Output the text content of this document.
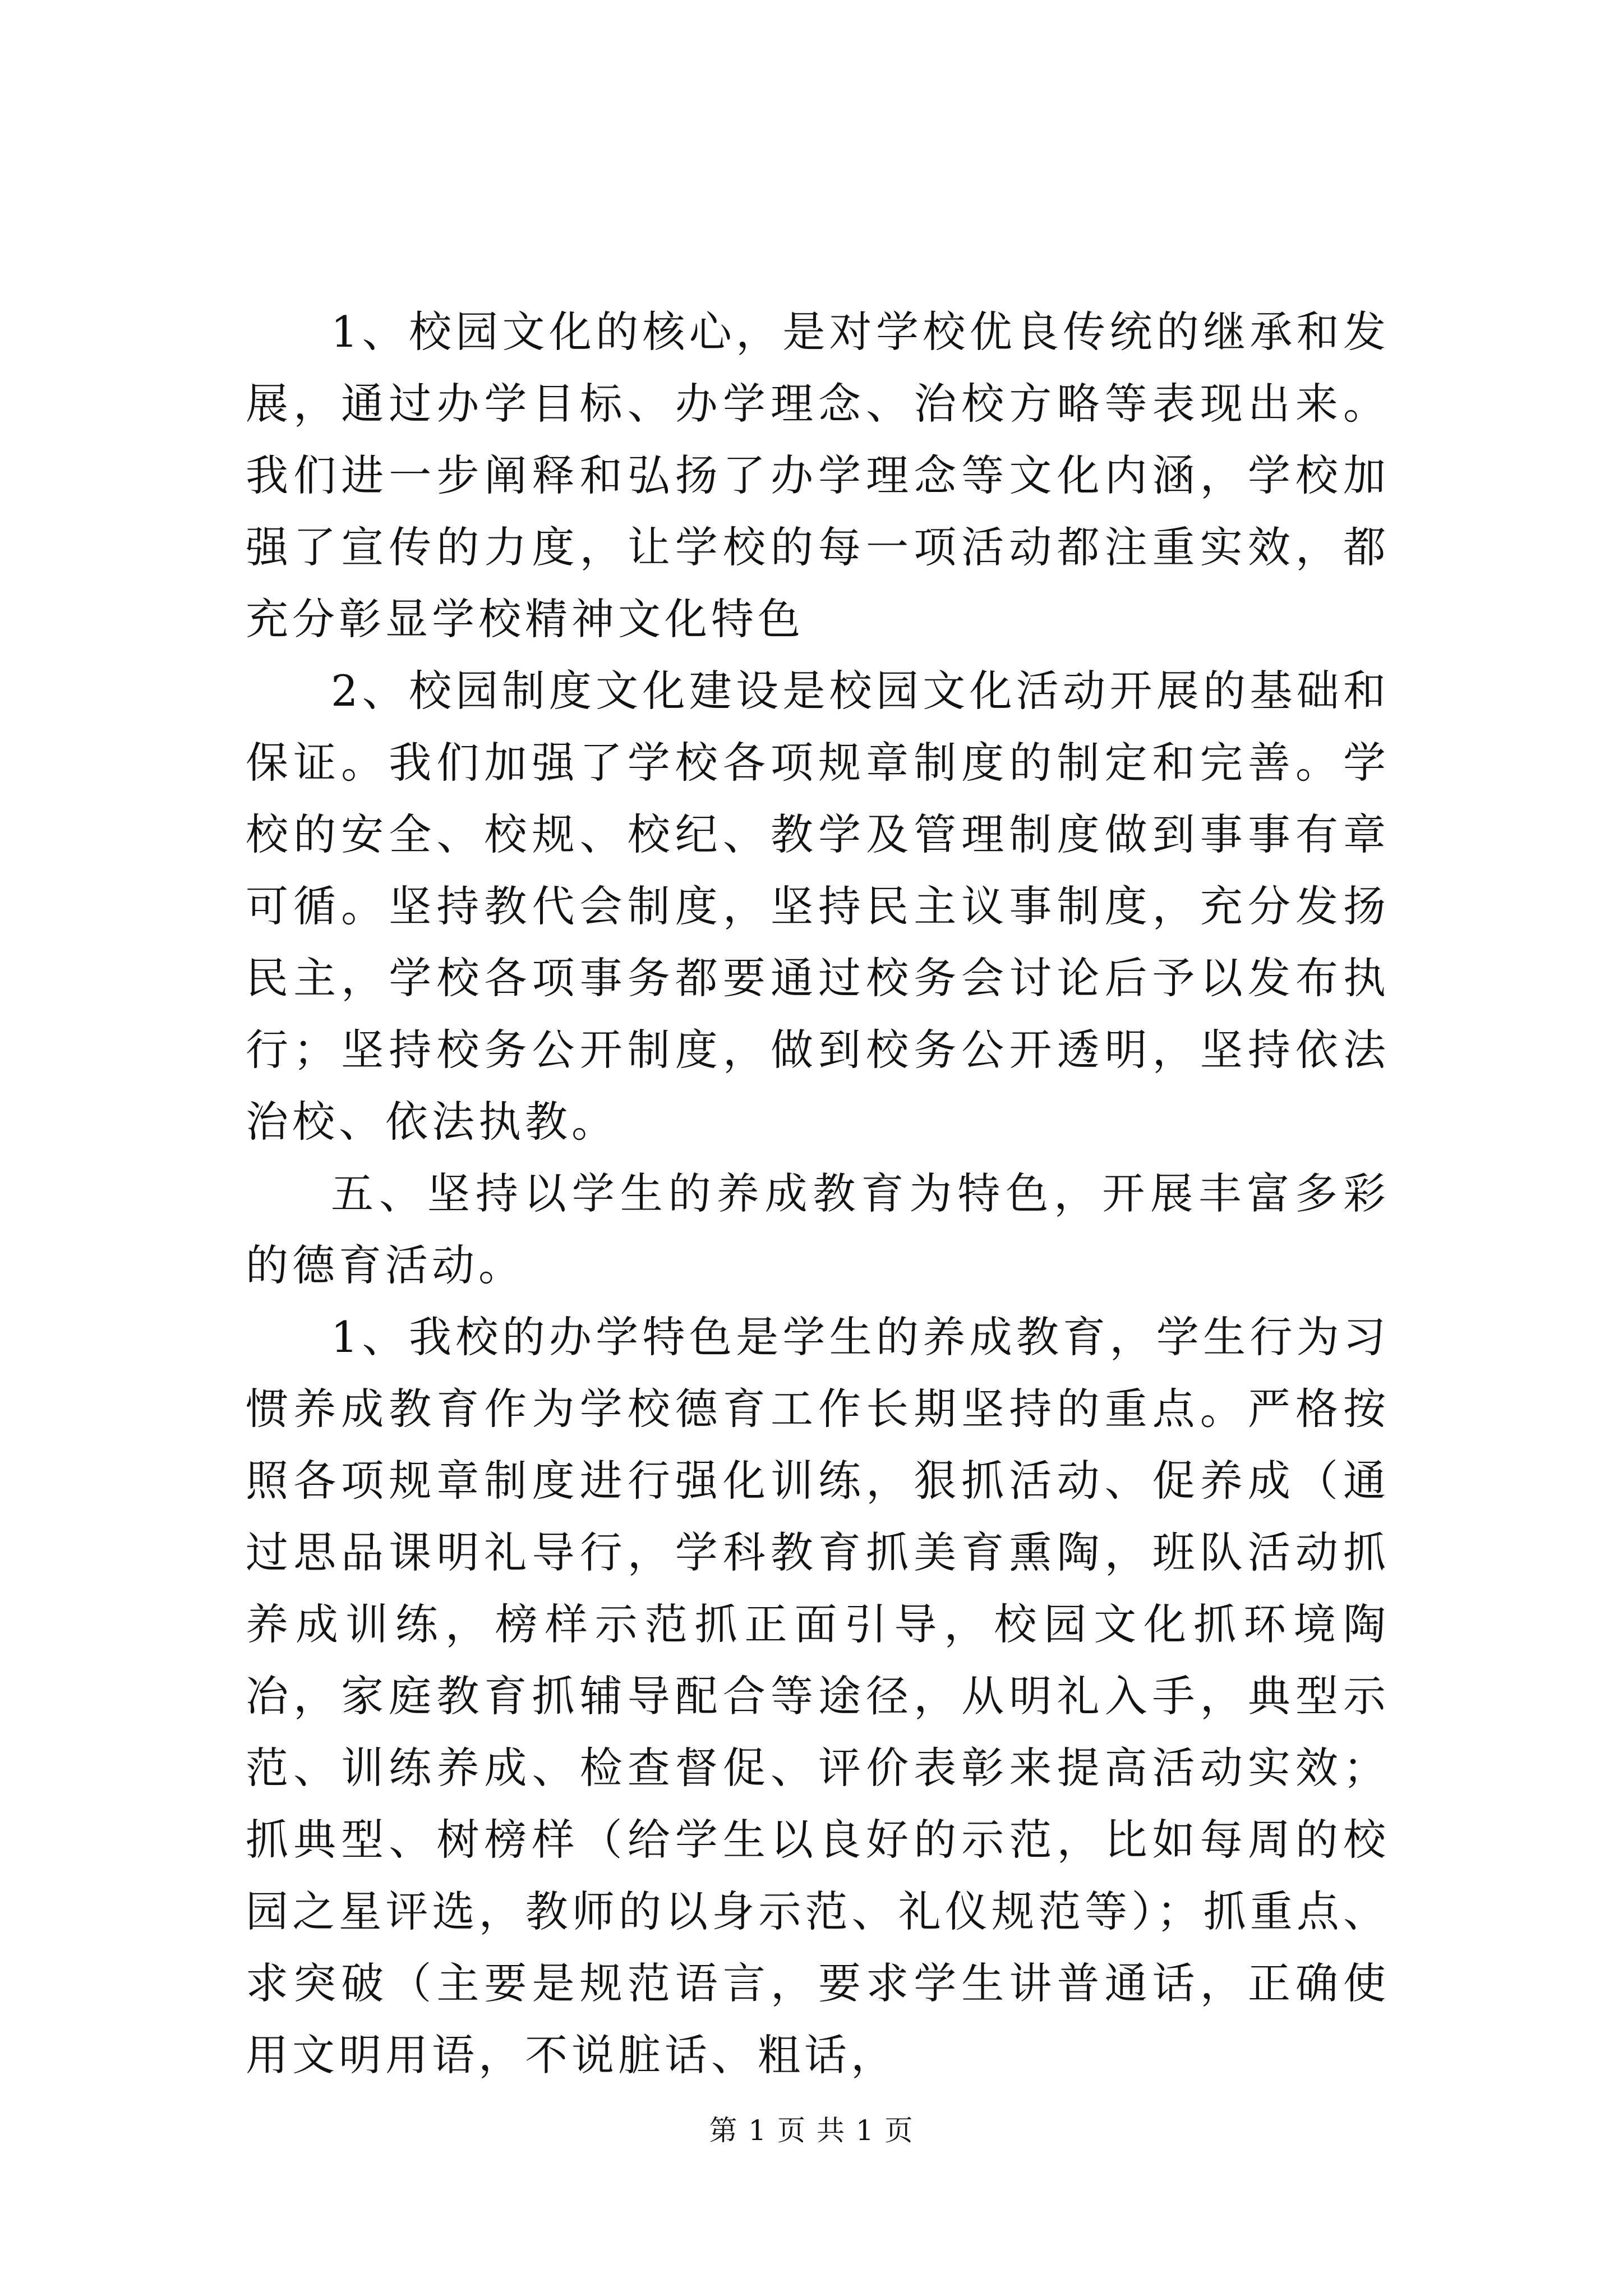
1、校园文化的核心，是对学校优良传统的继承和发展，通过办学目标、办学理念、治校方略等表现出来。我们进一步阐释和弘扬了办学理念等文化内涵，学校加强了宣传的力度，让学校的每一项活动都注重实效，都充分彰显学校精神文化特色

2、校园制度文化建设是校园文化活动开展的基础和保证。我们加强了学校各项规章制度的制定和完善。学校的安全、校规、校纪、教学及管理制度做到事事有章可循。坚持教代会制度，坚持民主议事制度，充分发扬民主，学校各项事务都要通过校务会讨论后予以发布执行；坚持校务公开制度，做到校务公开透明，坚持依法治校、依法执教。

五、坚持以学生的养成教育为特色，开展丰富多彩的德育活动。

1、我校的办学特色是学生的养成教育，学生行为习惯养成教育作为学校德育工作长期坚持的重点。严格按照各项规章制度进行强化训练，狠抓活动、促养成（通过思品课明礼导行，学科教育抓美育熏陶，班队活动抓养成训练，榜样示范抓正面引导，校园文化抓环境陶冶，家庭教育抓辅导配合等途径，从明礼入手，典型示范、训练养成、检查督促、评价表彰来提高活动实效；抓典型、树榜样（给学生以良好的示范，比如每周的校园之星评选，教师的以身示范、礼仪规范等）；抓重点、求突破（主要是规范语言，要求学生讲普通话，正确使用文明用语，不说脏话、粗话，

第 1 页 共 1 页
